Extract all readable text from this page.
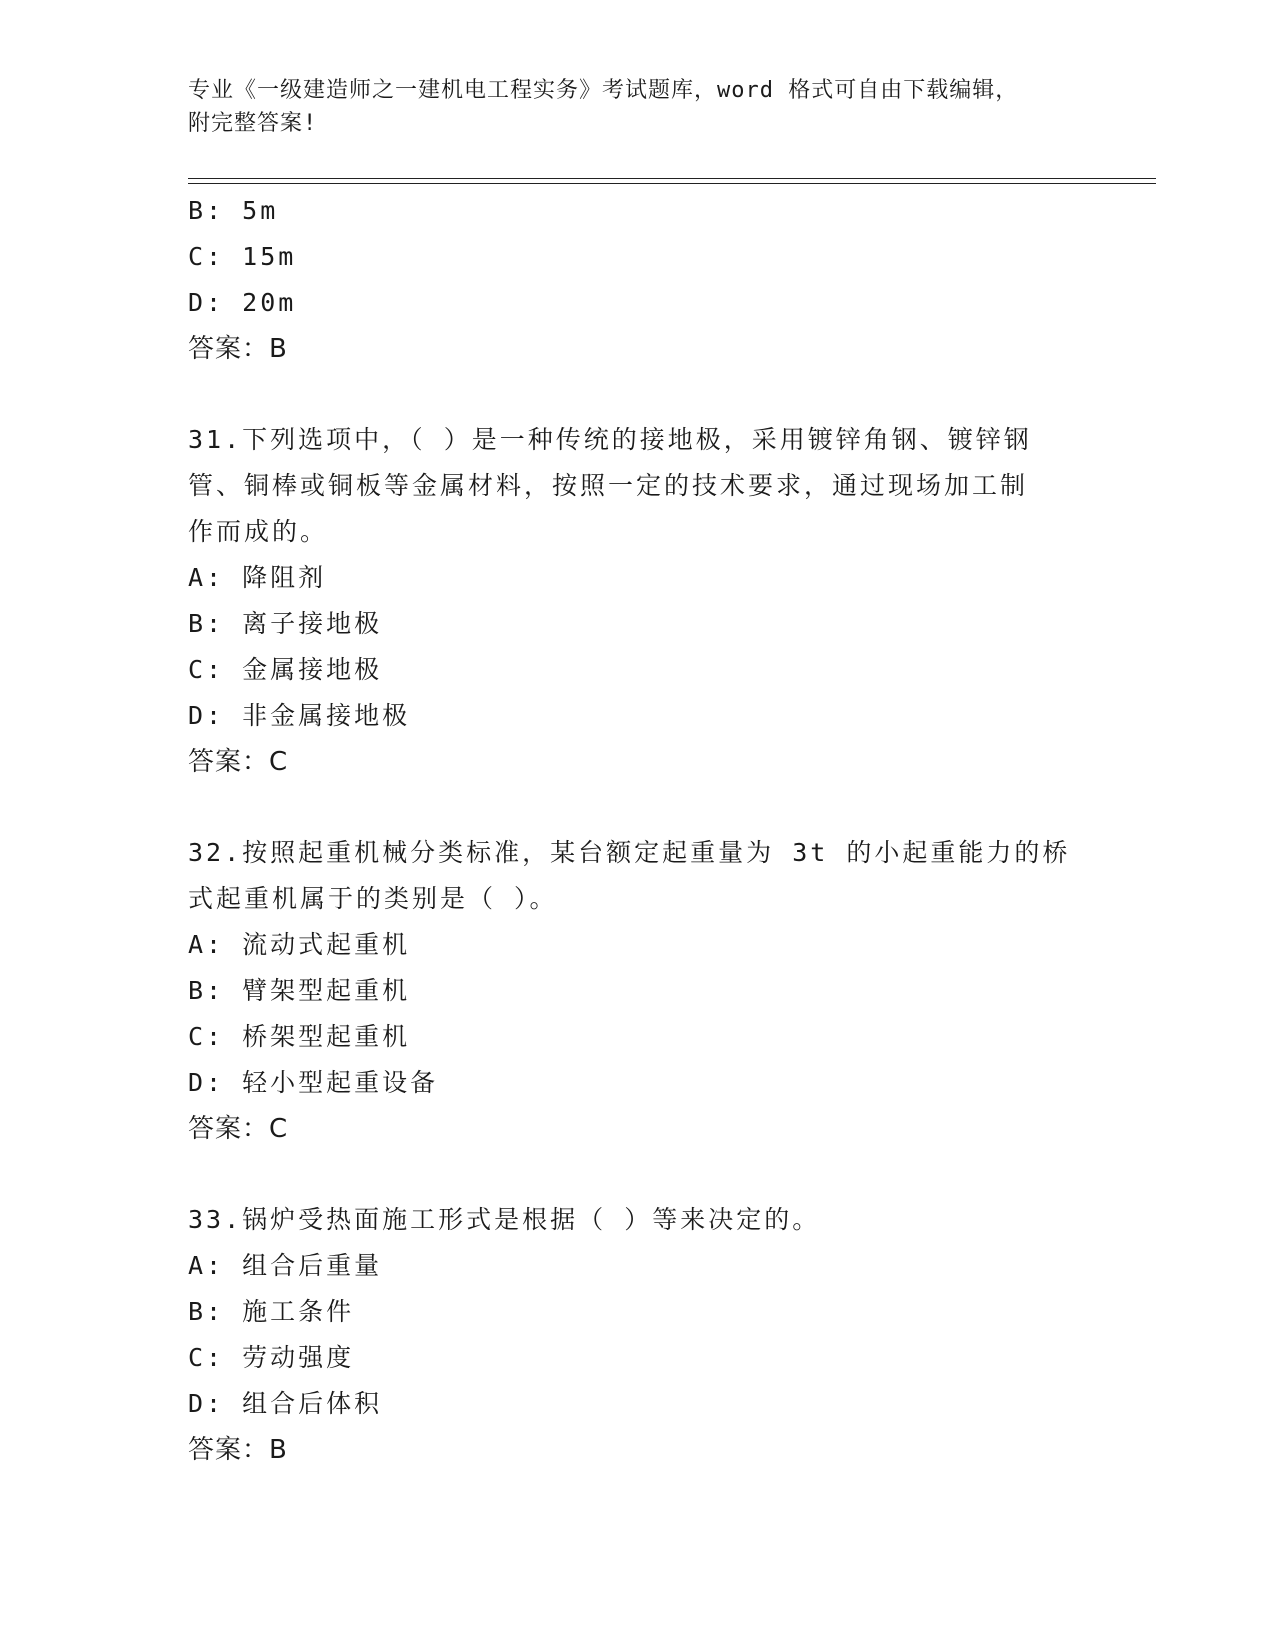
专业《一级建造师之一建机电工程实务》考试题库，word 格式可自由下载编辑，
附完整答案!
B: 5m
C: 15m
D: 20m
答案：B
31.下列选项中，（ ）是一种传统的接地极，采用镀锌角钢、镀锌钢
管、铜棒或铜板等金属材料，按照一定的技术要求，通过现场加工制
作而成的。
A: 降阻剂
B: 离子接地极
C: 金属接地极
D: 非金属接地极
答案：C
32.按照起重机械分类标准，某台额定起重量为 3t 的小起重能力的桥
式起重机属于的类别是（ ）。
A: 流动式起重机
B: 臂架型起重机
C: 桥架型起重机
D: 轻小型起重设备
答案：C
33.锅炉受热面施工形式是根据（ ）等来决定的。
A: 组合后重量
B: 施工条件
C: 劳动强度
D: 组合后体积
答案：B
